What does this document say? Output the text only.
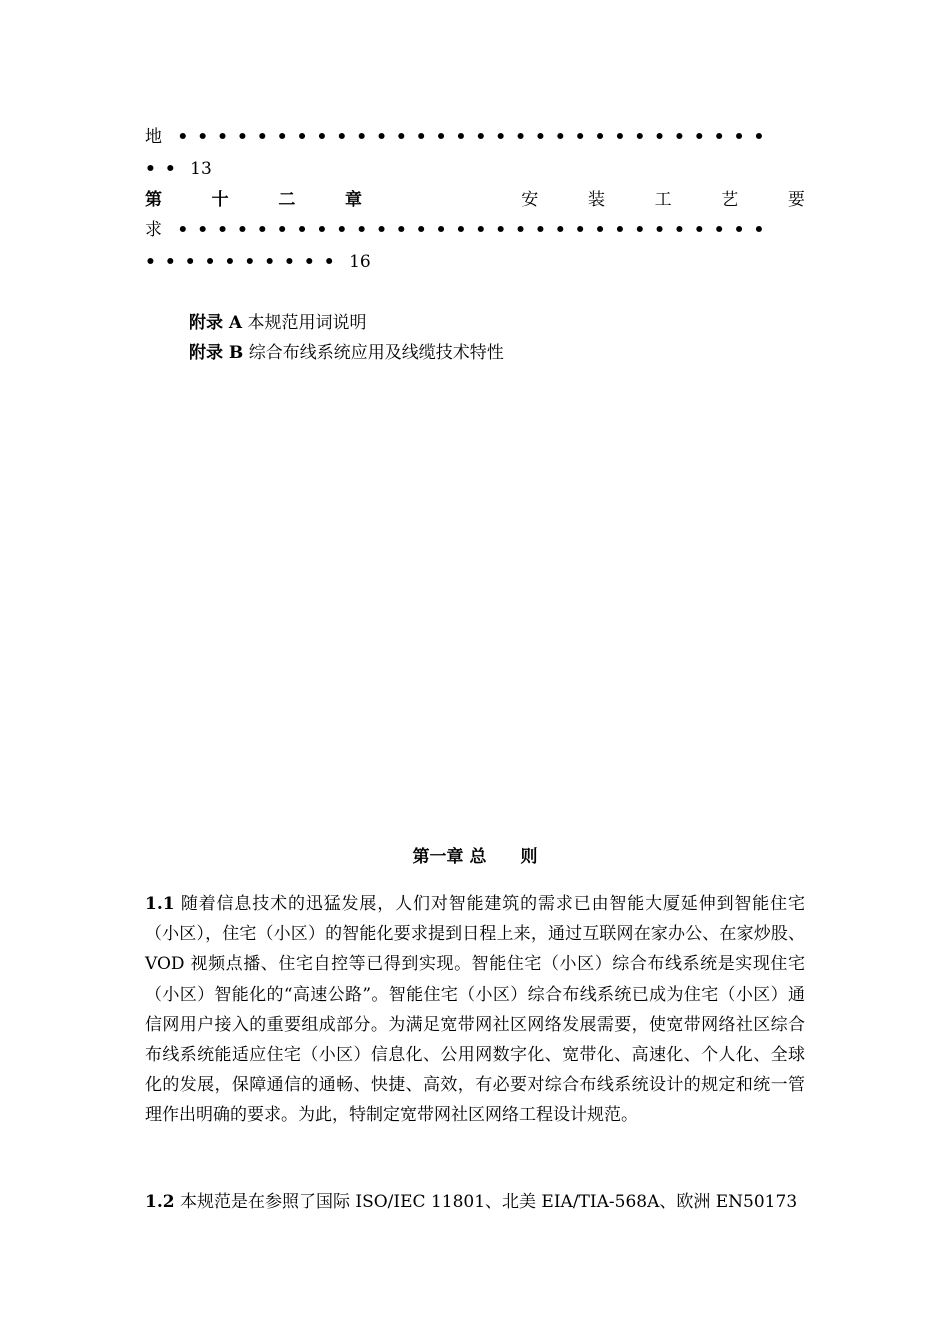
地 ••••••••••••••••••••••••••••••
•• 13
第	十	二	章	安	装	工	艺	要
求 ••••••••••••••••••••••••••••••
•••••••••• 16
附录 A 本规范用词说明
附录 B 综合布线系统应用及线缆技术特性
第一章 总　　则
1.1 随着信息技术的迅猛发展，人们对智能建筑的需求已由智能大厦延伸到智能住宅（小区），住宅（小区）的智能化要求提到日程上来，通过互联网在家办公、在家炒股、VOD 视频点播、住宅自控等已得到实现。智能住宅（小区）综合布线系统是实现住宅（小区）智能化的“高速公路”。智能住宅（小区）综合布线系统已成为住宅（小区）通信网用户接入的重要组成部分。为满足宽带网社区网络发展需要，使宽带网络社区综合布线系统能适应住宅（小区）信息化、公用网数字化、宽带化、高速化、个人化、全球化的发展，保障通信的通畅、快捷、高效，有必要对综合布线系统设计的规定和统一管理作出明确的要求。为此，特制定宽带网社区网络工程设计规范。
1.2 本规范是在参照了国际 ISO/IEC 11801、北美 EIA/TIA-568A、欧洲 EN50173
